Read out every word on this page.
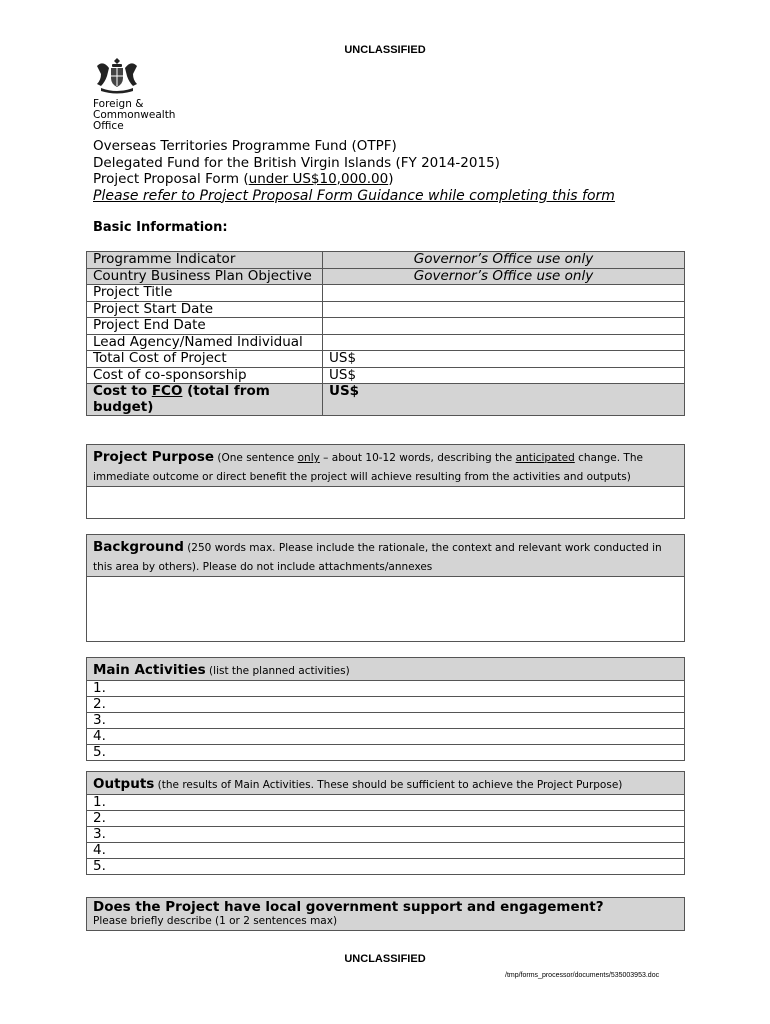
UNCLASSIFIED
Foreign &
Commonwealth
Office
Overseas Territories Programme Fund (OTPF)
Delegated Fund for the British Virgin Islands (FY 2014-2015)
Project Proposal Form (under US$10,000.00)
Please refer to Project Proposal Form Guidance while completing this form
Basic Information:
Programme Indicator	Governor’s Office use only
Country Business Plan Objective	Governor’s Office use only
Project Title	
Project Start Date	
Project End Date	
Lead Agency/Named Individual	
Total Cost of Project	US$
Cost of co-sponsorship	US$
Cost to FCO (total from budget)	US$
Project Purpose (One sentence only – about 10-12 words, describing the anticipated change. The immediate outcome or direct benefit the project will achieve resulting from the activities and outputs)
Background (250 words max. Please include the rationale, the context and relevant work conducted in this area by others). Please do not include attachments/annexes
Main Activities (list the planned activities)
1.
2.
3.
4.
5.
Outputs (the results of Main Activities. These should be sufficient to achieve the Project Purpose)
1.
2.
3.
4.
5.
Does the Project have local government support and engagement?
Please briefly describe (1 or 2 sentences max)
UNCLASSIFIED
/tmp/forms_processor/documents/535003953.doc
